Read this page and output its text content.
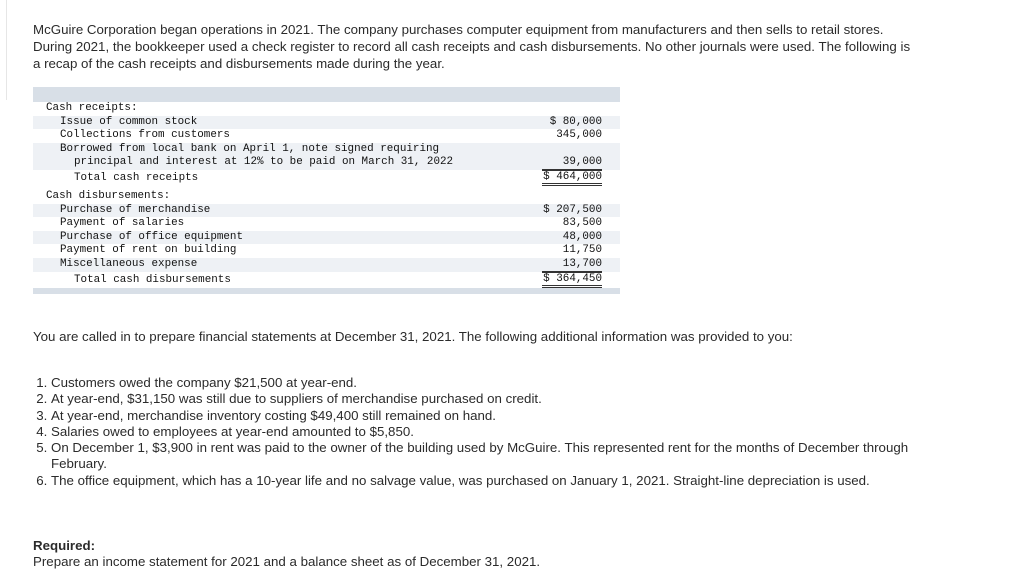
McGuire Corporation began operations in 2021. The company purchases computer equipment from manufacturers and then sells to retail stores. During 2021, the bookkeeper used a check register to record all cash receipts and cash disbursements. No other journals were used. The following is a recap of the cash receipts and disbursements made during the year.

Cash receipts:
Issue of common stock	$ 80,000
Collections from customers	345,000
Borrowed from local bank on April 1, note signed requiring
principal and interest at 12% to be paid on March 31, 2022	39,000
Total cash receipts	$ 464,000
Cash disbursements:
Purchase of merchandise	$ 207,500
Payment of salaries	83,500
Purchase of office equipment	48,000
Payment of rent on building	11,750
Miscellaneous expense	13,700
Total cash disbursements	$ 364,450

You are called in to prepare financial statements at December 31, 2021. The following additional information was provided to you:

1. Customers owed the company $21,500 at year-end.
2. At year-end, $31,150 was still due to suppliers of merchandise purchased on credit.
3. At year-end, merchandise inventory costing $49,400 still remained on hand.
4. Salaries owed to employees at year-end amounted to $5,850.
5. On December 1, $3,900 in rent was paid to the owner of the building used by McGuire. This represented rent for the months of December through February.
6. The office equipment, which has a 10-year life and no salvage value, was purchased on January 1, 2021. Straight-line depreciation is used.
Required:
Prepare an income statement for 2021 and a balance sheet as of December 31, 2021.
